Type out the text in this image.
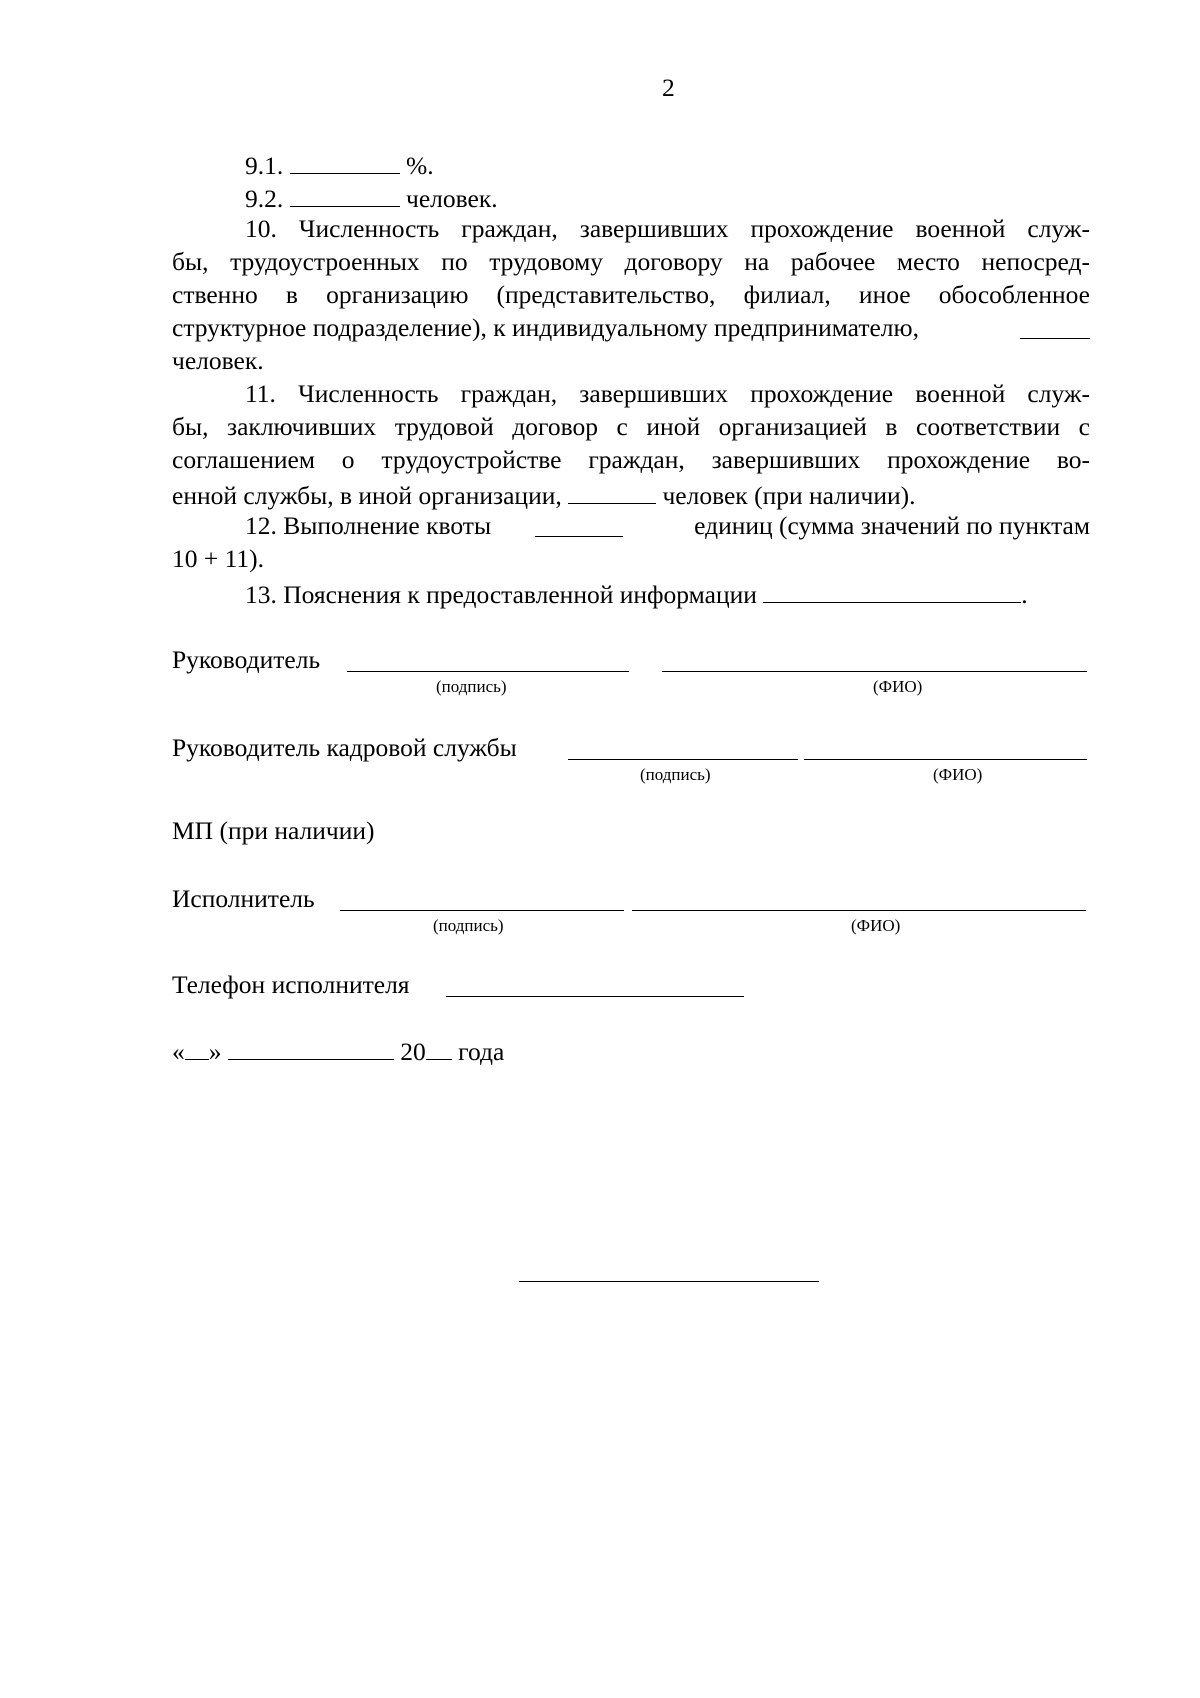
2
9.1.	%.
9.2.	человек.
10. Численность граждан, завершивших прохождение военной служ-
бы, трудоустроенных по трудовому договору на рабочее место непосред-
ственно в организацию (представительство, филиал, иное обособленное
структурное подразделение), к индивидуальному предпринимателю,
человек.
11. Численность граждан, завершивших прохождение военной служ-
бы, заключивших трудовой договор с иной организацией в соответствии с
соглашением о трудоустройстве граждан, завершивших прохождение во-
енной службы, в иной организации,	человек (при наличии).
12. Выполнение квоты	единиц (сумма значений по пунктам
10 + 11).
13. Пояснения к предоставленной информации	.
Руководитель
(подпись)	(ФИО)
Руководитель кадровой службы
(подпись)	(ФИО)
МП (при наличии)
Исполнитель
(подпись)	(ФИО)
Телефон исполнителя
« »	20 года
